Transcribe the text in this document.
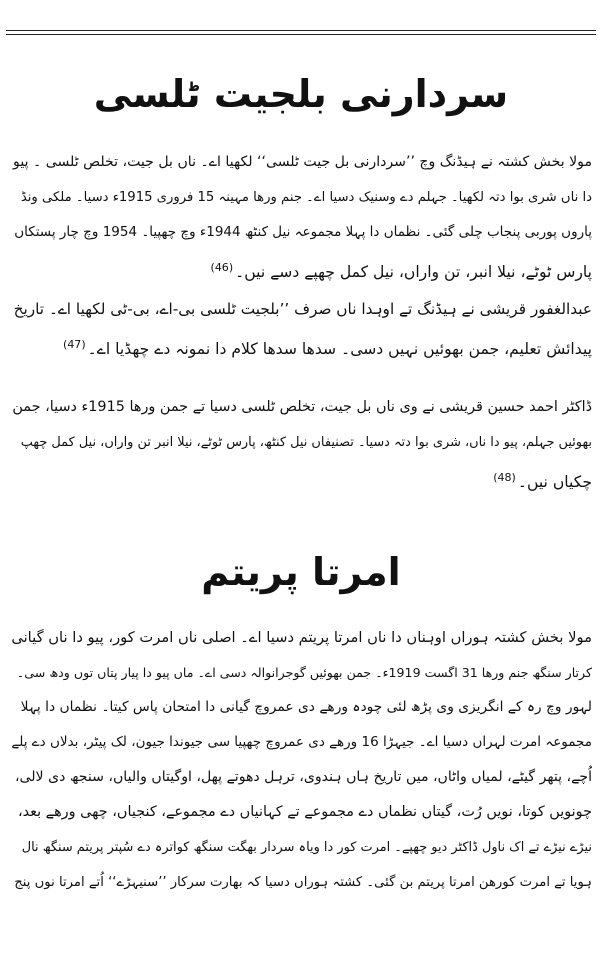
سردارنی بلجیت ٹلسی
مولا بخش کشتہ نے ہیڈنگ وچ ’’سردارنی بل جیت ٹلسی‘‘ لکھیا اے۔ ناں بل جیت، تخلص ٹلسی ۔ پیو
دا ناں شری بوا دتہ لکھیا۔ جہلم دے وسنیک دسیا اے۔ جنم ورھا مہینہ 15 فروری 1915ء دسیا۔ ملکی ونڈ
پاروں پوربی پنجاب چلی گئی۔ نظماں دا پہلا مجموعہ نیل کنٹھ 1944ء وچ چھپیا۔ 1954 وچ چار پستکاں
پارس ٹوٹے، نیلا انبر، تن واراں، نیل کمل چھپے دسے نیں۔$^{(46)}$
عبدالغفور قریشی نے ہیڈنگ تے اوہدا ناں صرف ’’بلجیت ٹلسی بی-اے، بی-ٹی لکھیا اے۔ تاریخ
پیدائش تعلیم، جمن بھوئیں نہیں دسی۔ سدھا سدھا کلام دا نمونہ دے چھڈیا اے۔$^{(47)}$
ڈاکٹر احمد حسین قریشی نے وی ناں بل جیت، تخلص ٹلسی دسیا تے جمن ورھا 1915ء دسیا، جمن
بھوئیں جہلم، پیو دا ناں، شری بوا دتہ دسیا۔ تصنیفاں نیل کنٹھ، پارس ٹوٹے، نیلا انبر تن واراں، نیل کمل چھپ
چکیاں نیں۔$^{(48)}$
امرتا پریتم
مولا بخش کشتہ ہوراں اوہناں دا ناں امرتا پریتم دسیا اے۔ اصلی ناں امرت کور، پیو دا ناں گیانی
کرتار سنگھ جنم ورھا 31 اگست 1919ء۔ جمن بھوئیں گوجرانوالہ دسی اے۔ ماں پیو دا پیار پتاں توں ودھ سی۔
لہور وچ رہ کے انگریزی وی پڑھ لئی چودہ ورھے دی عمروچ گیانی دا امتحان پاس کیتا۔ نظماں دا پہلا
مجموعہ امرت لہراں دسیا اے۔ جیہڑا 16 ورھے دی عمروچ چھپیا سی جیوندا جیون، لک پیٹر، بدلاں دے پلے
اُچے، پتھر گیٹے، لمیاں واٹاں، میں تاریخ ہاں ہندوی، ترہل دھوتے پھل، اوگیتاں والیاں، سنجھ دی لالی،
چونویں کوتا، نویں رُت، گیتاں نظماں دے مجموعے تے کہانیاں دے مجموعے، کنجیاں، چھی ورھے بعد،
نیڑے نیڑے تے اک ناول ڈاکٹر دیو چھپے۔ امرت کور دا ویاہ سردار بھگت سنگھ کواترہ دے سُپتر پریتم سنگھ نال
ہویا تے امرت کورھن امرتا پریتم بن گئی۔ کشتہ ہوراں دسیا کہ بھارت سرکار ’’سنیہڑے‘‘ اُتے امرتا نوں پنج
